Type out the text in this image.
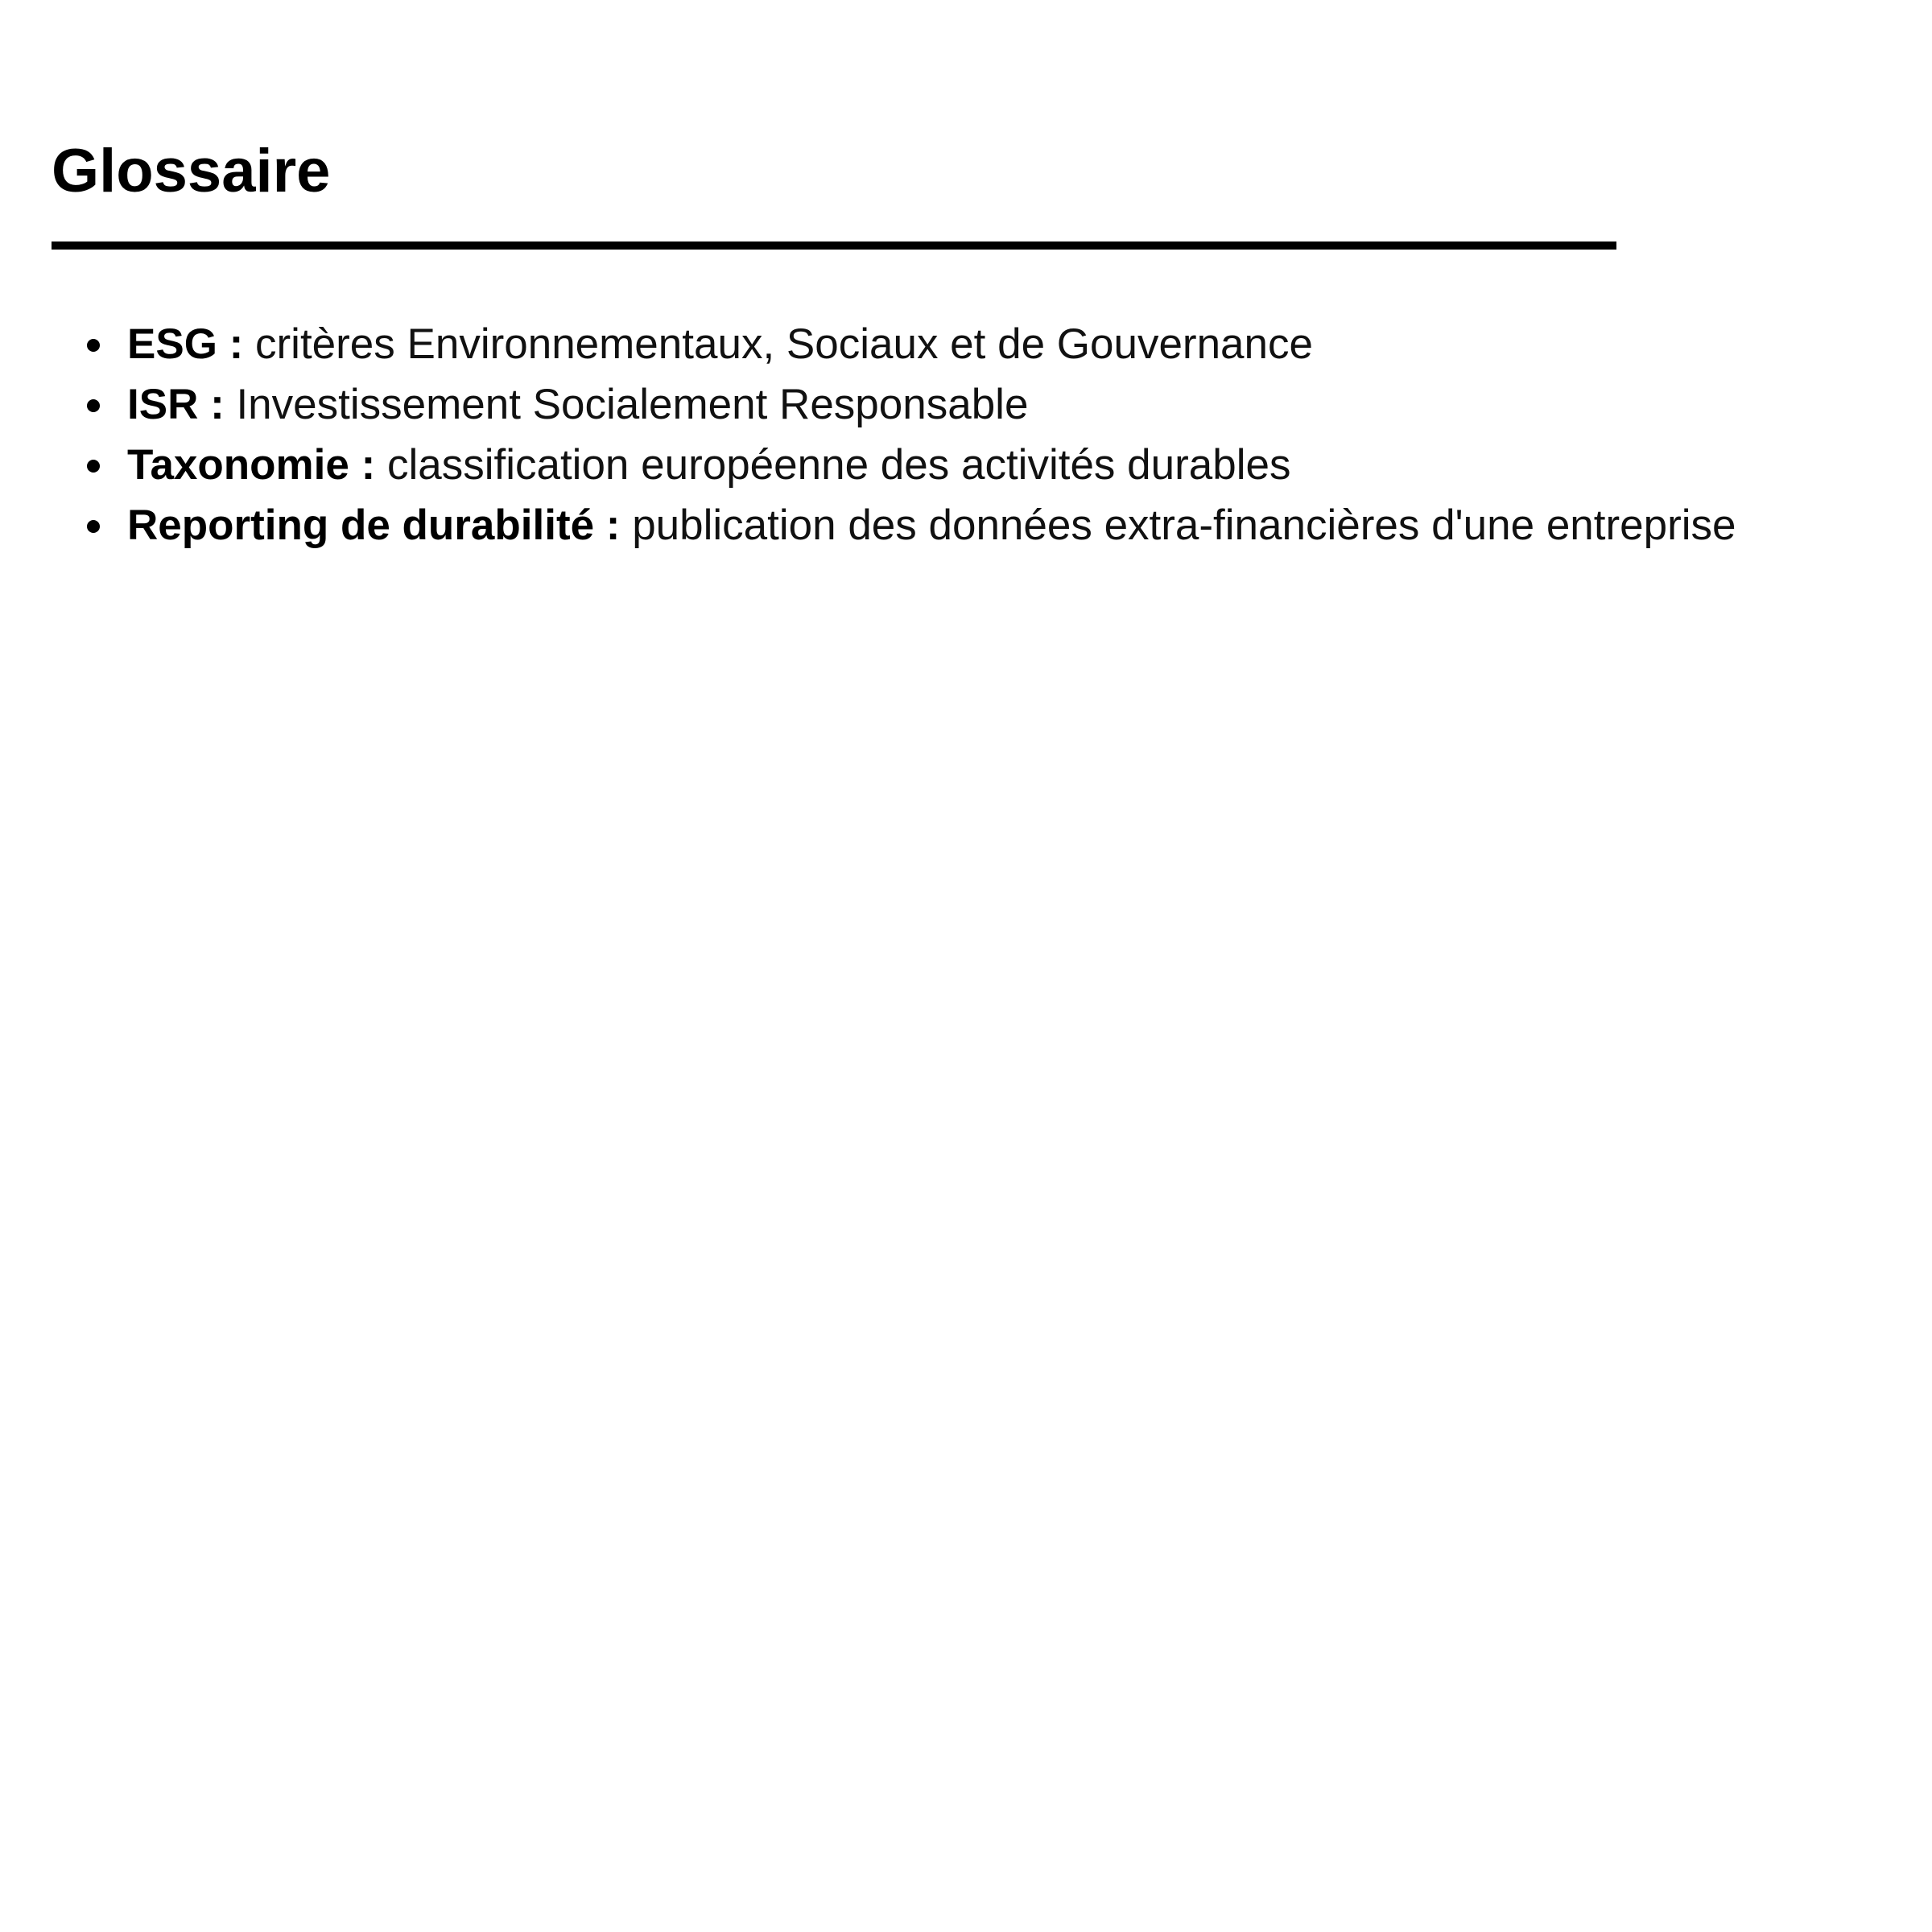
Glossaire
ESG : critères Environnementaux, Sociaux et de Gouvernance
ISR : Investissement Socialement Responsable
Taxonomie : classification européenne des activités durables
Reporting de durabilité : publication des données extra-financières d'une entreprise
